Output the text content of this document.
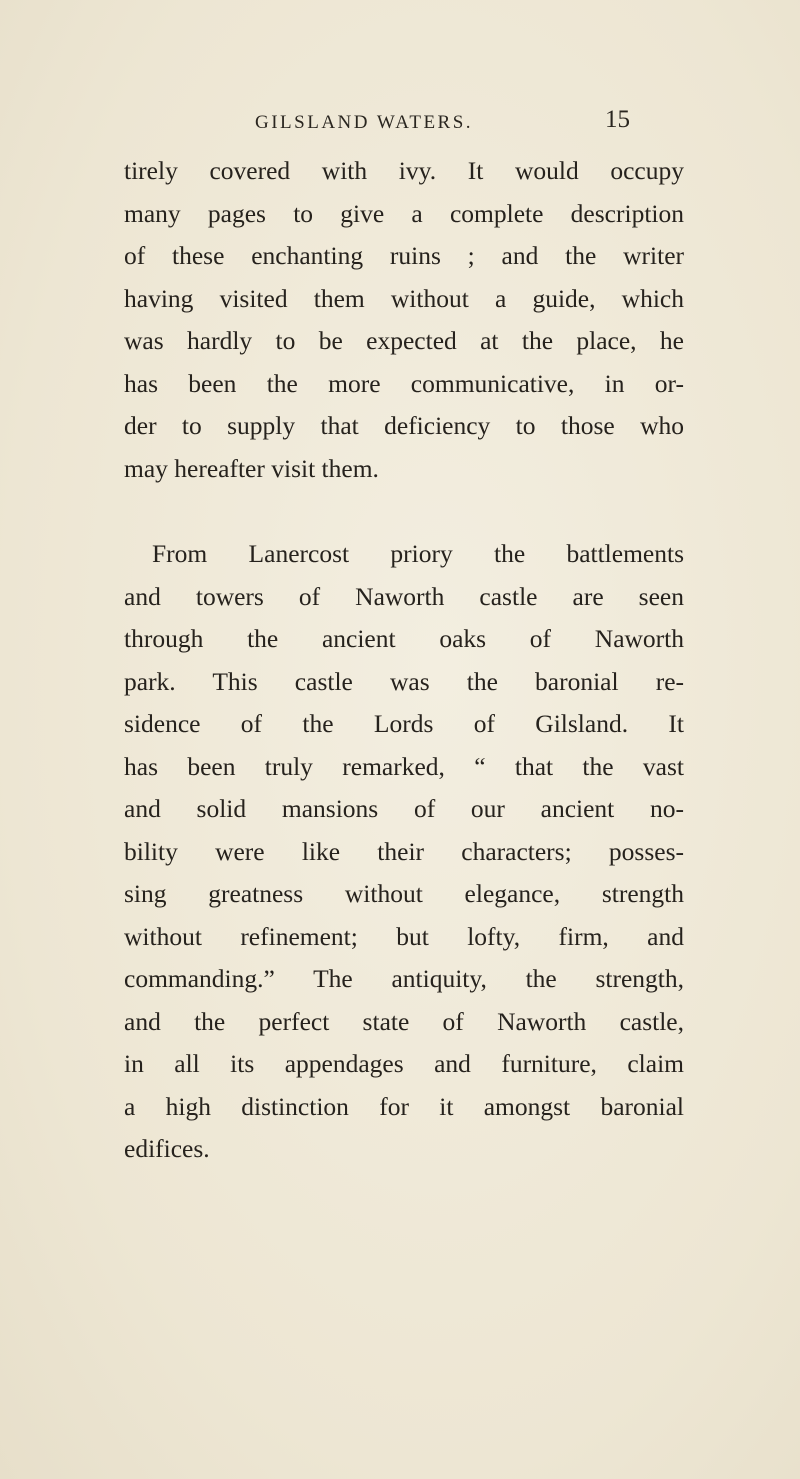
GILSLAND WATERS.	15
tirely covered with ivy. It would occupy
many pages to give a complete description
of these enchanting ruins ; and the writer
having visited them without a guide, which
was hardly to be expected at the place, he
has been the more communicative, in or-
der to supply that deficiency to those who
may hereafter visit them.
From Lanercost priory the battlements
and towers of Naworth castle are seen
through the ancient oaks of Naworth
park. This castle was the baronial re-
sidence of the Lords of Gilsland. It
has been truly remarked, “ that the vast
and solid mansions of our ancient no-
bility were like their characters; posses-
sing greatness without elegance, strength
without refinement; but lofty, firm, and
commanding.” The antiquity, the strength,
and the perfect state of Naworth castle,
in all its appendages and furniture, claim
a high distinction for it amongst baronial
edifices.
